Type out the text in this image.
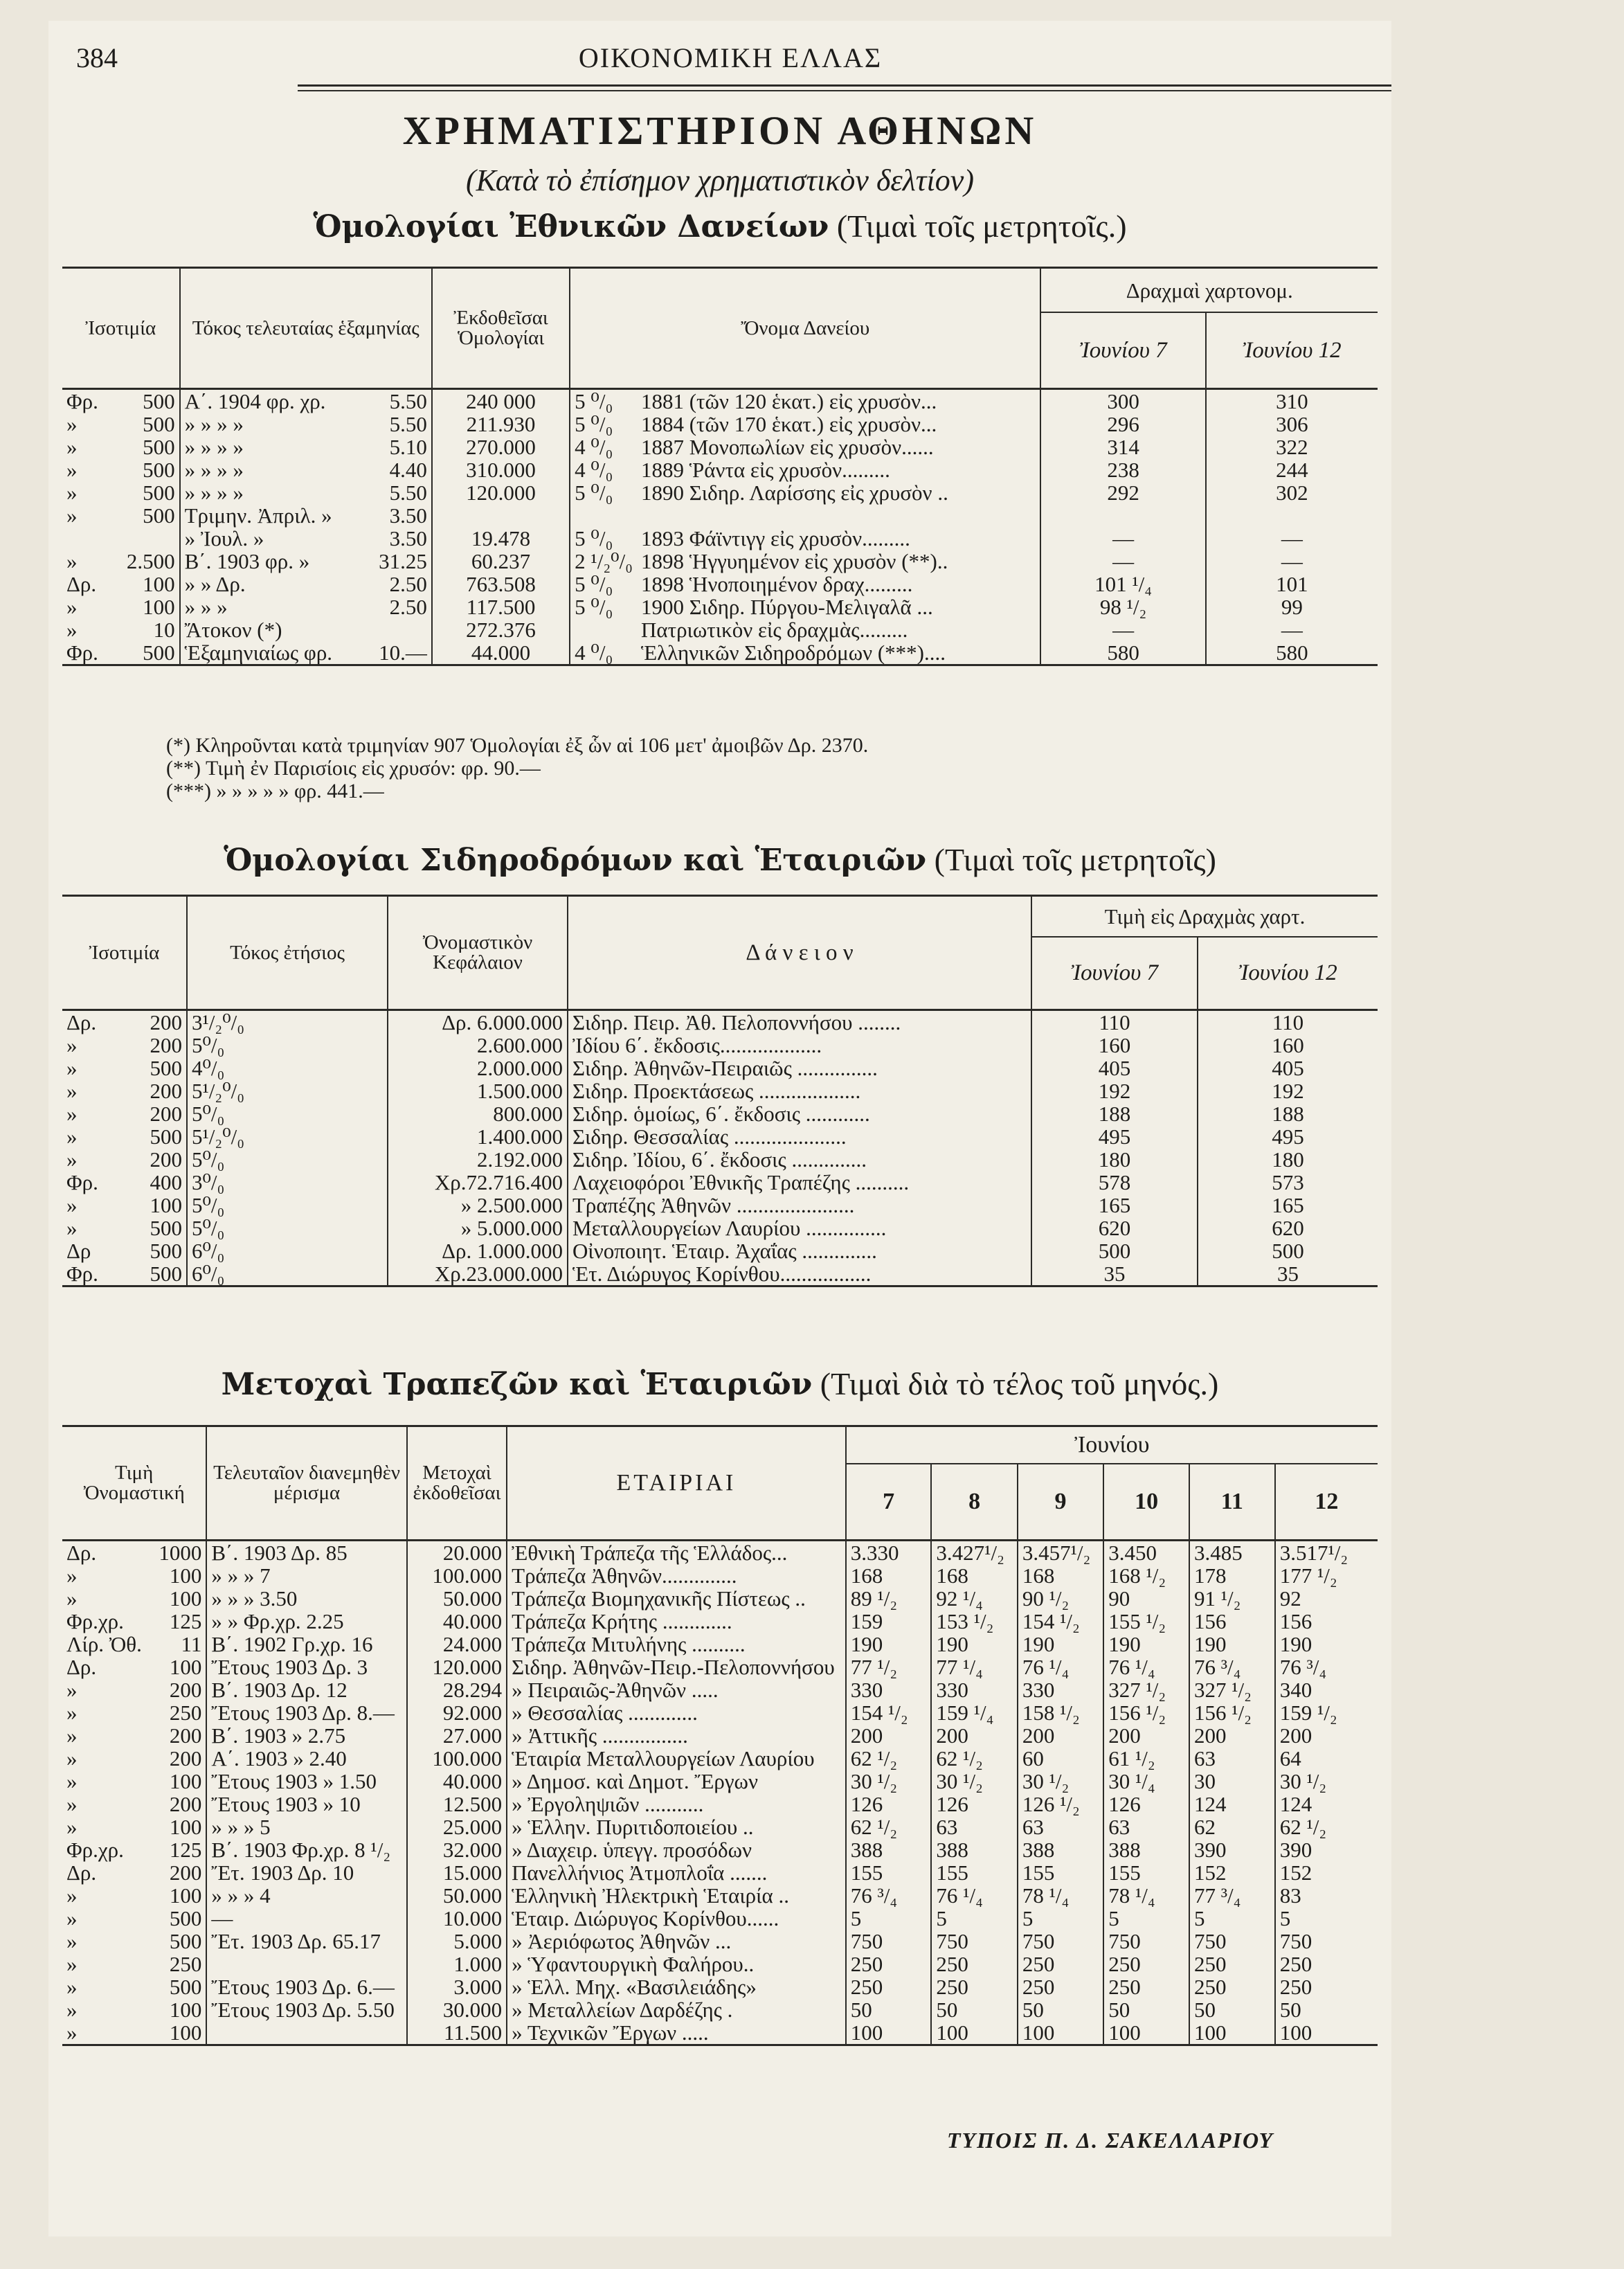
384	ΟΙΚΟΝΟΜΙΚΗ ΕΛΛΑΣ
ΧΡΗΜΑΤΙΣΤΗΡΙΟΝ ΑΘΗΝΩΝ
(Κατὰ τὸ ἐπίσημον χρηματιστικὸν δελτίον)
Ὁμολογίαι Ἐθνικῶν Δανείων (Τιμαὶ τοῖς μετρητοῖς.)
Ἰσοτιμία		Τόκος τελευταίας ἑξαμηνίας		Ἐκδοθεῖσαι Ὁμολογίαι	Ὄνομα Δανείου		Δραχμαὶ χαρτονομ.	
							Ἰουνίου 7	Ἰουνίου 12
Φρ.	500	Α΄. 1904 φρ. χρ.	5.50	240 000	5 ⁰/₀	1881 (τῶν 120 ἑκατ.) εἰς χρυσὸν...	300	310
»	500	» » » »	5.50	211.930	5 ⁰/₀	1884 (τῶν 170 ἑκατ.) εἰς χρυσὸν...	296	306
»	500	» » » »	5.10	270.000	4 ⁰/₀	1887 Μονοπωλίων εἰς χρυσὸν......	314	322
»	500	» » » »	4.40	310.000	4 ⁰/₀	1889 Ῥάντα εἰς χρυσὸν.........	238	244
»	500	» » » »	5.50	120.000	5 ⁰/₀	1890 Σιδηρ. Λαρίσσης εἰς χρυσὸν ..	292	302
»	500	Τριμην. Ἀπριλ. »	3.50					
		» Ἰουλ. »	3.50	19.478	5 ⁰/₀	1893 Φάϊντιγγ εἰς χρυσὸν.........	—	—
»	2.500	Β΄. 1903 φρ. »	31.25	60.237	2 ¹/₂⁰/₀	1898 Ἡγγυημένον εἰς χρυσὸν (**)..	—	—
Δρ.	100	» » Δρ.	2.50	763.508	5 ⁰/₀	1898 Ἡνοποιημένον δραχ.........	101 ¹/₄	101
»	100	» » »	2.50	117.500	5 ⁰/₀	1900 Σιδηρ. Πύργου-Μελιγαλᾶ ...	98 ¹/₂	99
»	10	Ἄτοκον (*)		272.376		Πατριωτικὸν εἰς δραχμὰς.........	—	—
Φρ.	500	Ἑξαμηνιαίως φρ.	10.—	44.000	4 ⁰/₀	Ἑλληνικῶν Σιδηροδρόμων (***)....	580	580
(*) Κληροῦνται κατὰ τριμηνίαν 907 Ὁμολογίαι ἐξ ὧν αἱ 106 μετ' ἀμοιβῶν Δρ. 2370.
(**) Τιμὴ ἐν Παρισίοις εἰς χρυσόν: φρ. 90.—
(***) » » » » » φρ. 441.—
Ὁμολογίαι Σιδηροδρόμων καὶ Ἑταιριῶν (Τιμαὶ τοῖς μετρητοῖς)
Ἰσοτιμία		Τόκος ἐτήσιος	Ὀνομαστικὸν Κεφάλαιον	Δ ά ν ε ι ο ν	Τιμὴ εἰς Δραχμὰς χαρτ.	
					Ἰουνίου 7	Ἰουνίου 12
Δρ.	200	3¹/₂⁰/₀	Δρ. 6.000.000	Σιδηρ. Πειρ. Ἀθ. Πελοποννήσου ........	110	110
»	200	5⁰/₀	2.600.000	Ἰδίου 6΄. ἔκδοσις...................	160	160
»	500	4⁰/₀	2.000.000	Σιδηρ. Ἀθηνῶν-Πειραιῶς ...............	405	405
»	200	5¹/₂⁰/₀	1.500.000	Σιδηρ. Προεκτάσεως ...................	192	192
»	200	5⁰/₀	800.000	Σιδηρ. ὁμοίως, 6΄. ἔκδοσις ............	188	188
»	500	5¹/₂⁰/₀	1.400.000	Σιδηρ. Θεσσαλίας .....................	495	495
»	200	5⁰/₀	2.192.000	Σιδηρ. Ἰδίου, 6΄. ἔκδοσις ..............	180	180
Φρ.	400	3⁰/₀	Χρ.72.716.400	Λαχειοφόροι Ἐθνικῆς Τραπέζης ..........	578	573
»	100	5⁰/₀	» 2.500.000	Τραπέζης Ἀθηνῶν ......................	165	165
»	500	5⁰/₀	» 5.000.000	Μεταλλουργείων Λαυρίου ...............	620	620
Δρ	500	6⁰/₀	Δρ. 1.000.000	Οἰνοποιητ. Ἑταιρ. Ἀχαΐας ..............	500	500
Φρ.	500	6⁰/₀	Χρ.23.000.000	Ἑτ. Διώρυγος Κορίνθου.................	35	35
Μετοχαὶ Τραπεζῶν καὶ Ἑταιριῶν (Τιμαὶ διὰ τὸ τέλος τοῦ μηνός.)
Τιμὴ Ὀνομαστική		Τελευταῖον διανεμηθὲν μέρισμα	Μετοχαὶ ἐκδοθεῖσαι	ΕΤΑΙΡΙΑΙ	Ἰουνίου					
					7	8	9	10	11	12
Δρ.	1000	Β΄. 1903 Δρ. 85	20.000	Ἐθνικὴ Τράπεζα τῆς Ἑλλάδος...	3.330	3.427¹/₂	3.457¹/₂	3.450	3.485	3.517¹/₂
»	100	» » » 7	100.000	Τράπεζα Ἀθηνῶν..............	168	168	168	168 ¹/₂	178	177 ¹/₂
»	100	» » » 3.50	50.000	Τράπεζα Βιομηχανικῆς Πίστεως ..	89 ¹/₂	92 ¹/₄	90 ¹/₂	90	91 ¹/₂	92
Φρ.χρ.	125	» » Φρ.χρ. 2.25	40.000	Τράπεζα Κρήτης .............	159	153 ¹/₂	154 ¹/₂	155 ¹/₂	156	156
Λίρ. Ὀθ.	11	Β΄. 1902 Γρ.χρ. 16	24.000	Τράπεζα Μιτυλήνης ..........	190	190	190	190	190	190
Δρ.	100	Ἔτους 1903 Δρ. 3	120.000	Σιδηρ. Ἀθηνῶν-Πειρ.-Πελοποννήσου	77 ¹/₂	77 ¹/₄	76 ¹/₄	76 ¹/₄	76 ³/₄	76 ³/₄
»	200	Β΄. 1903 Δρ. 12	28.294	» Πειραιῶς-Ἀθηνῶν .....	330	330	330	327 ¹/₂	327 ¹/₂	340
»	250	Ἔτους 1903 Δρ. 8.—	92.000	» Θεσσαλίας .............	154 ¹/₂	159 ¹/₄	158 ¹/₂	156 ¹/₂	156 ¹/₂	159 ¹/₂
»	200	Β΄. 1903 » 2.75	27.000	» Ἀττικῆς ................	200	200	200	200	200	200
»	200	Α΄. 1903 » 2.40	100.000	Ἑταιρία Μεταλλουργείων Λαυρίου	62 ¹/₂	62 ¹/₂	60	61 ¹/₂	63	64
»	100	Ἔτους 1903 » 1.50	40.000	» Δημοσ. καὶ Δημοτ. Ἔργων	30 ¹/₂	30 ¹/₂	30 ¹/₂	30 ¹/₄	30	30 ¹/₂
»	200	Ἔτους 1903 » 10	12.500	» Ἐργοληψιῶν ...........	126	126	126 ¹/₂	126	124	124
»	100	» » » 5	25.000	» Ἑλλην. Πυριτιδοποιείου ..	62 ¹/₂	63	63	63	62	62 ¹/₂
Φρ.χρ.	125	Β΄. 1903 Φρ.χρ. 8 ¹/₂	32.000	» Διαχειρ. ὑπεγγ. προσόδων	388	388	388	388	390	390
Δρ.	200	Ἔτ. 1903 Δρ. 10	15.000	Πανελλήνιος Ἀτμοπλοΐα .......	155	155	155	155	152	152
»	100	» » » 4	50.000	Ἑλληνικὴ Ἠλεκτρικὴ Ἑταιρία ..	76 ³/₄	76 ¹/₄	78 ¹/₄	78 ¹/₄	77 ³/₄	83
»	500	—	10.000	Ἑταιρ. Διώρυγος Κορίνθου......	5	5	5	5	5	5
»	500	Ἔτ. 1903 Δρ. 65.17	5.000	» Ἀεριόφωτος Ἀθηνῶν ...	750	750	750	750	750	750
»	250		1.000	» Ὑφαντουργικὴ Φαλήρου..	250	250	250	250	250	250
»	500	Ἔτους 1903 Δρ. 6.—	3.000	» Ἑλλ. Μηχ. «Βασιλειάδης»	250	250	250	250	250	250
»	100	Ἔτους 1903 Δρ. 5.50	30.000	» Μεταλλείων Δαρδέζης .	50	50	50	50	50	50
»	100		11.500	» Τεχνικῶν Ἔργων .....	100	100	100	100	100	100
ΤΥΠΟΙΣ Π. Δ. ΣΑΚΕΛΛΑΡΙΟΥ
